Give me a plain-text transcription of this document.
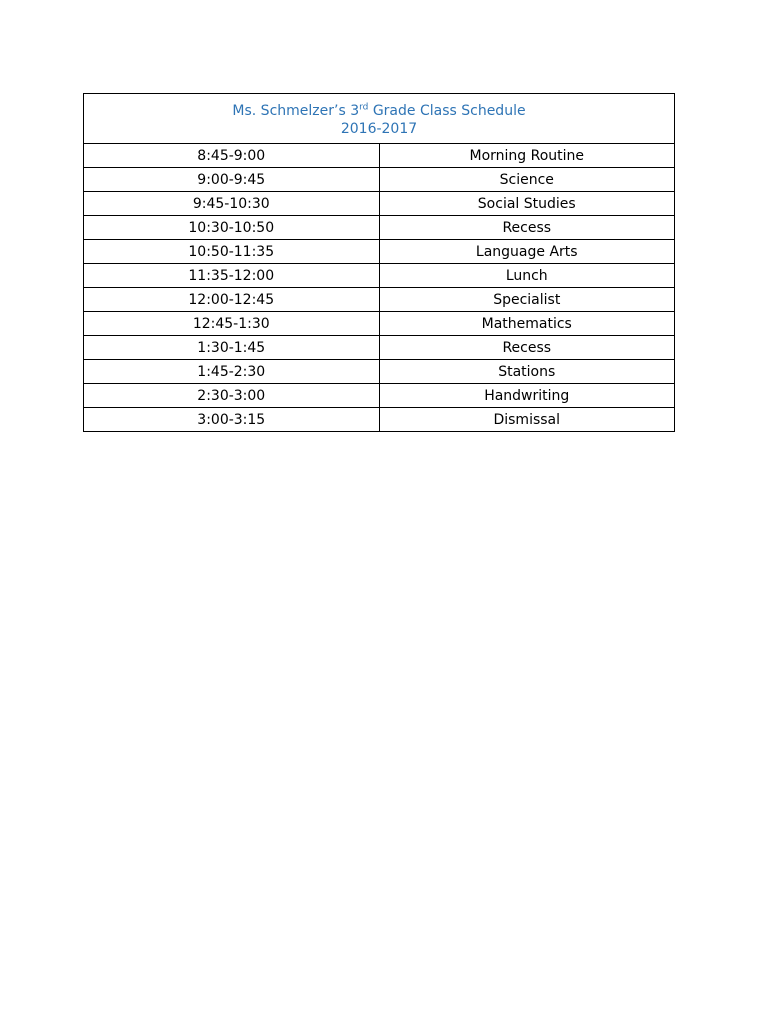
Ms. Schmelzer’s 3rd Grade Class Schedule
2016-2017	

8:45-9:00	Morning Routine
9:00-9:45	Science
9:45-10:30	Social Studies
10:30-10:50	Recess
10:50-11:35	Language Arts
11:35-12:00	Lunch
12:00-12:45	Specialist
12:45-1:30	Mathematics
1:30-1:45	Recess
1:45-2:30	Stations
2:30-3:00	Handwriting
3:00-3:15	Dismissal
